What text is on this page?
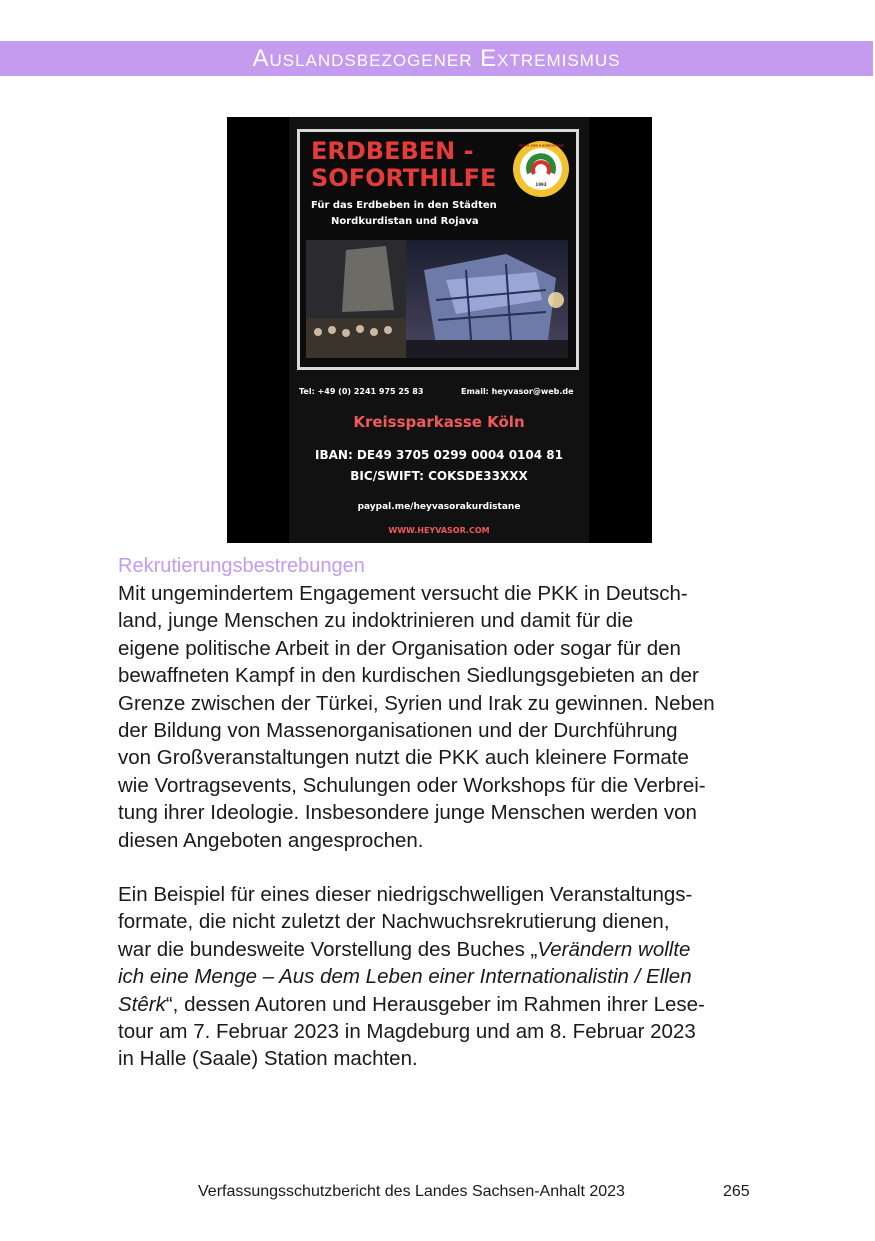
Auslandsbezogener Extremismus
ERDBEBEN -
SOFORTHILFE
Für das Erdbeben in den Städten
Nordkurdistan und Rojava
1993
HEYVA SOR A KURDISTANÊ
Tel: +49 (0) 2241 975 25 83	Email: heyvasor@web.de
Kreissparkasse Köln
IBAN: DE49 3705 0299 0004 0104 81
BIC/SWIFT: COKSDE33XXX
paypal.me/heyvasorakurdistane
WWW.HEYVASOR.COM
Rekrutierungsbestrebungen
Mit ungemindertem Engagement versucht die PKK in Deutsch-
land, junge Menschen zu indoktrinieren und damit für die
eigene politische Arbeit in der Organisation oder sogar für den
bewaffneten Kampf in den kurdischen Siedlungsgebieten an der
Grenze zwischen der Türkei, Syrien und Irak zu gewinnen. Neben
der Bildung von Massenorganisationen und der Durchführung
von Großveranstaltungen nutzt die PKK auch kleinere Formate
wie Vortragsevents, Schulungen oder Workshops für die Verbrei-
tung ihrer Ideologie. Insbesondere junge Menschen werden von
diesen Angeboten angesprochen.
Ein Beispiel für eines dieser niedrigschwelligen Veranstaltungs-
formate, die nicht zuletzt der Nachwuchsrekrutierung dienen,
war die bundesweite Vorstellung des Buches „Verändern wollte
ich eine Menge – Aus dem Leben einer Internationalistin / Ellen
Stêrk“, dessen Autoren und Herausgeber im Rahmen ihrer Lese-
tour am 7. Februar 2023 in Magdeburg und am 8. Februar 2023
in Halle (Saale) Station machten.
Verfassungsschutzbericht des Landes Sachsen-Anhalt 2023	265
